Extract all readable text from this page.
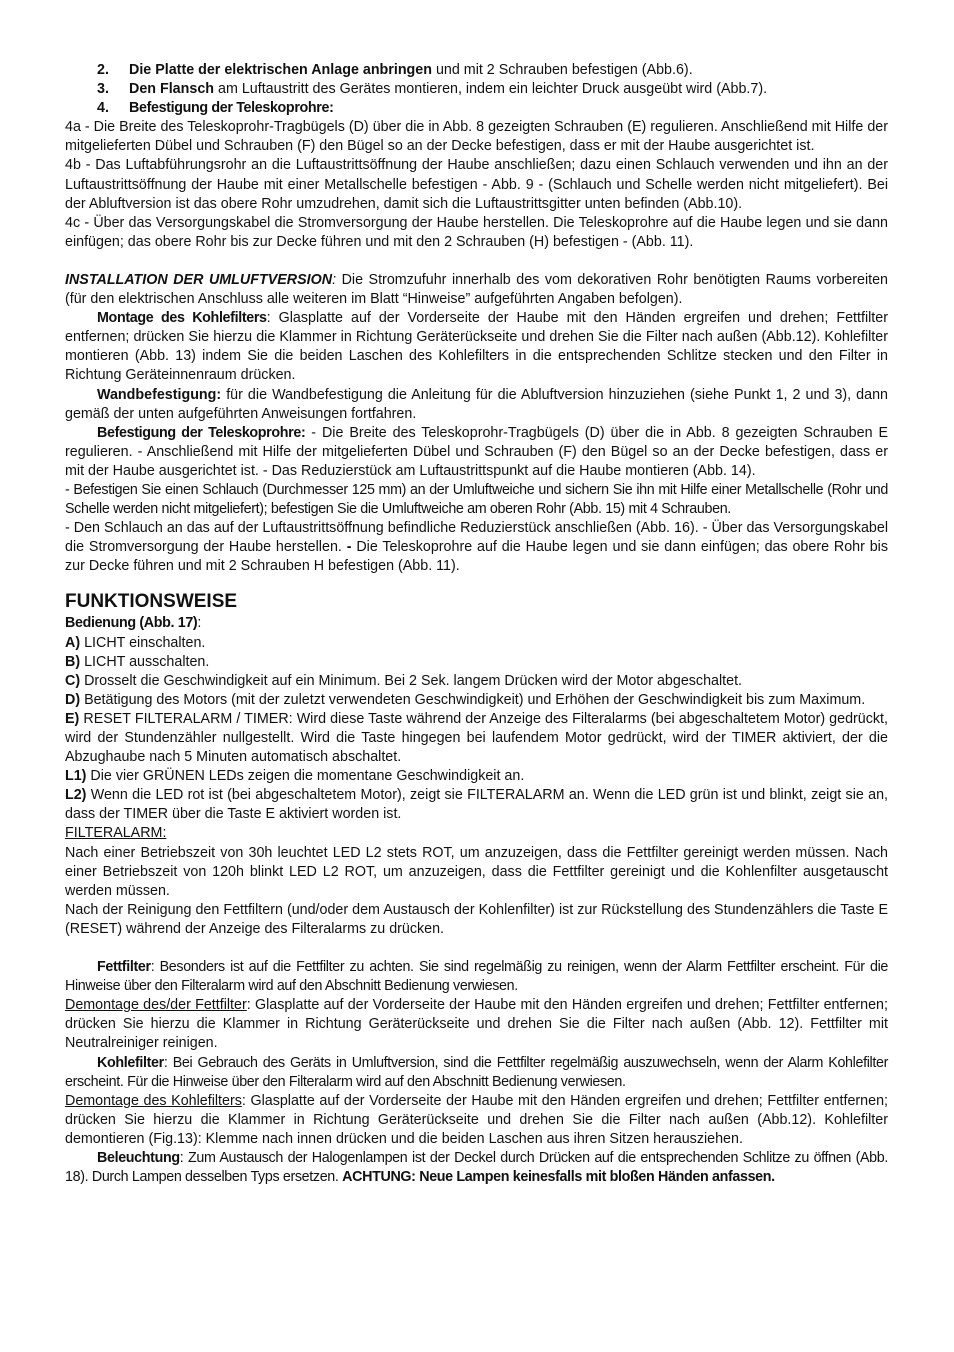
2.	Die Platte der elektrischen Anlage anbringen und mit 2 Schrauben befestigen (Abb.6).

3.	Den Flansch am Luftaustritt des Gerätes montieren, indem ein leichter Druck ausgeübt wird (Abb.7).

4.	Befestigung der Teleskoprohre:

4a - Die Breite des Teleskoprohr-Tragbügels (D) über die in Abb. 8 gezeigten Schrauben (E) regulieren. Anschließend mit Hilfe der mitgelieferten Dübel und Schrauben (F) den Bügel so an der Decke befestigen, dass er mit der Haube ausgerichtet ist.

4b - Das Luftabführungsrohr an die Luftaustrittsöffnung der Haube anschließen; dazu einen Schlauch verwenden und ihn an der Luftaustrittsöffnung der Haube mit einer Metallschelle befestigen - Abb. 9 - (Schlauch und Schelle werden nicht mitgeliefert). Bei der Abluftversion ist das obere Rohr umzudrehen, damit sich die Luftaustrittsgitter unten befinden (Abb.10).

4c - Über das Versorgungskabel die Stromversorgung der Haube herstellen. Die Teleskoprohre auf die Haube legen und sie dann einfügen; das obere Rohr bis zur Decke führen und mit den 2 Schrauben (H) befestigen - (Abb. 11).

INSTALLATION DER UMLUFTVERSION: Die Stromzufuhr innerhalb des vom dekorativen Rohr benötigten Raums vorbereiten (für den elektrischen Anschluss alle weiteren im Blatt “Hinweise” aufgeführten Angaben befolgen).

Montage des Kohlefilters: Glasplatte auf der Vorderseite der Haube mit den Händen ergreifen und drehen; Fettfilter entfernen; drücken Sie hierzu die Klammer in Richtung Geräterückseite und drehen Sie die Filter nach außen (Abb.12). Kohlefilter montieren (Abb. 13) indem Sie die beiden Laschen des Kohlefilters in die entsprechenden Schlitze stecken und den Filter in Richtung Geräteinnenraum drücken.

Wandbefestigung: für die Wandbefestigung die Anleitung für die Abluftversion hinzuziehen (siehe Punkt 1, 2 und 3), dann gemäß der unten aufgeführten Anweisungen fortfahren.

Befestigung der Teleskoprohre: - Die Breite des Teleskoprohr-Tragbügels (D) über die in Abb. 8 gezeigten Schrauben E regulieren. - Anschließend mit Hilfe der mitgelieferten Dübel und Schrauben (F) den Bügel so an der Decke befestigen, dass er mit der Haube ausgerichtet ist. - Das Reduzierstück am Luftaustrittspunkt auf die Haube montieren (Abb. 14).

- Befestigen Sie einen Schlauch (Durchmesser 125 mm) an der Umluftweiche und sichern Sie ihn mit Hilfe einer Metallschelle (Rohr und Schelle werden nicht mitgeliefert); befestigen Sie die Umluftweiche am oberen Rohr (Abb. 15) mit 4 Schrauben.

- Den Schlauch an das auf der Luftaustrittsöffnung befindliche Reduzierstück anschließen (Abb. 16). - Über das Versorgungskabel die Stromversorgung der Haube herstellen. - Die Teleskoprohre auf die Haube legen und sie dann einfügen; das obere Rohr bis zur Decke führen und mit 2 Schrauben H befestigen (Abb. 11).

FUNKTIONSWEISE

Bedienung (Abb. 17):

A) LICHT einschalten.

B) LICHT ausschalten.

C) Drosselt die Geschwindigkeit auf ein Minimum. Bei 2 Sek. langem Drücken wird der Motor abgeschaltet.

D) Betätigung des Motors (mit der zuletzt verwendeten Geschwindigkeit) und Erhöhen der Geschwindigkeit bis zum Maximum.

E) RESET FILTERALARM / TIMER: Wird diese Taste während der Anzeige des Filteralarms (bei abgeschaltetem Motor) gedrückt, wird der Stundenzähler nullgestellt. Wird die Taste hingegen bei laufendem Motor gedrückt, wird der TIMER aktiviert, der die Abzughaube nach 5 Minuten automatisch abschaltet.

L1) Die vier GRÜNEN LEDs zeigen die momentane Geschwindigkeit an.

L2) Wenn die LED rot ist (bei abgeschaltetem Motor), zeigt sie FILTERALARM an. Wenn die LED grün ist und blinkt, zeigt sie an, dass der TIMER über die Taste E aktiviert worden ist.

FILTERALARM:

Nach einer Betriebszeit von 30h leuchtet LED L2 stets ROT, um anzuzeigen, dass die Fettfilter gereinigt werden müssen. Nach einer Betriebszeit von 120h blinkt LED L2 ROT, um anzuzeigen, dass die Fettfilter gereinigt und die Kohlenfilter ausgetauscht werden müssen.

Nach der Reinigung den Fettfiltern (und/oder dem Austausch der Kohlenfilter) ist zur Rückstellung des Stundenzählers die Taste E (RESET) während der Anzeige des Filteralarms zu drücken.

Fettfilter: Besonders ist auf die Fettfilter zu achten. Sie sind regelmäßig zu reinigen, wenn der Alarm Fettfilter erscheint. Für die Hinweise über den Filteralarm wird auf den Abschnitt Bedienung verwiesen.

Demontage des/der Fettfilter: Glasplatte auf der Vorderseite der Haube mit den Händen ergreifen und drehen; Fettfilter entfernen; drücken Sie hierzu die Klammer in Richtung Geräterückseite und drehen Sie die Filter nach außen (Abb. 12). Fettfilter mit Neutralreiniger reinigen.

Kohlefilter: Bei Gebrauch des Geräts in Umluftversion, sind die Fettfilter regelmäßig auszuwechseln, wenn der Alarm Kohlefilter erscheint. Für die Hinweise über den Filteralarm wird auf den Abschnitt Bedienung verwiesen.

Demontage des Kohlefilters: Glasplatte auf der Vorderseite der Haube mit den Händen ergreifen und drehen; Fettfilter entfernen; drücken Sie hierzu die Klammer in Richtung Geräterückseite und drehen Sie die Filter nach außen (Abb.12). Kohlefilter demontieren (Fig.13): Klemme nach innen drücken und die beiden Laschen aus ihren Sitzen herausziehen.

Beleuchtung: Zum Austausch der Halogenlampen ist der Deckel durch Drücken auf die entsprechenden Schlitze zu öffnen (Abb. 18). Durch Lampen desselben Typs ersetzen. ACHTUNG: Neue Lampen keinesfalls mit bloßen Händen anfassen.
